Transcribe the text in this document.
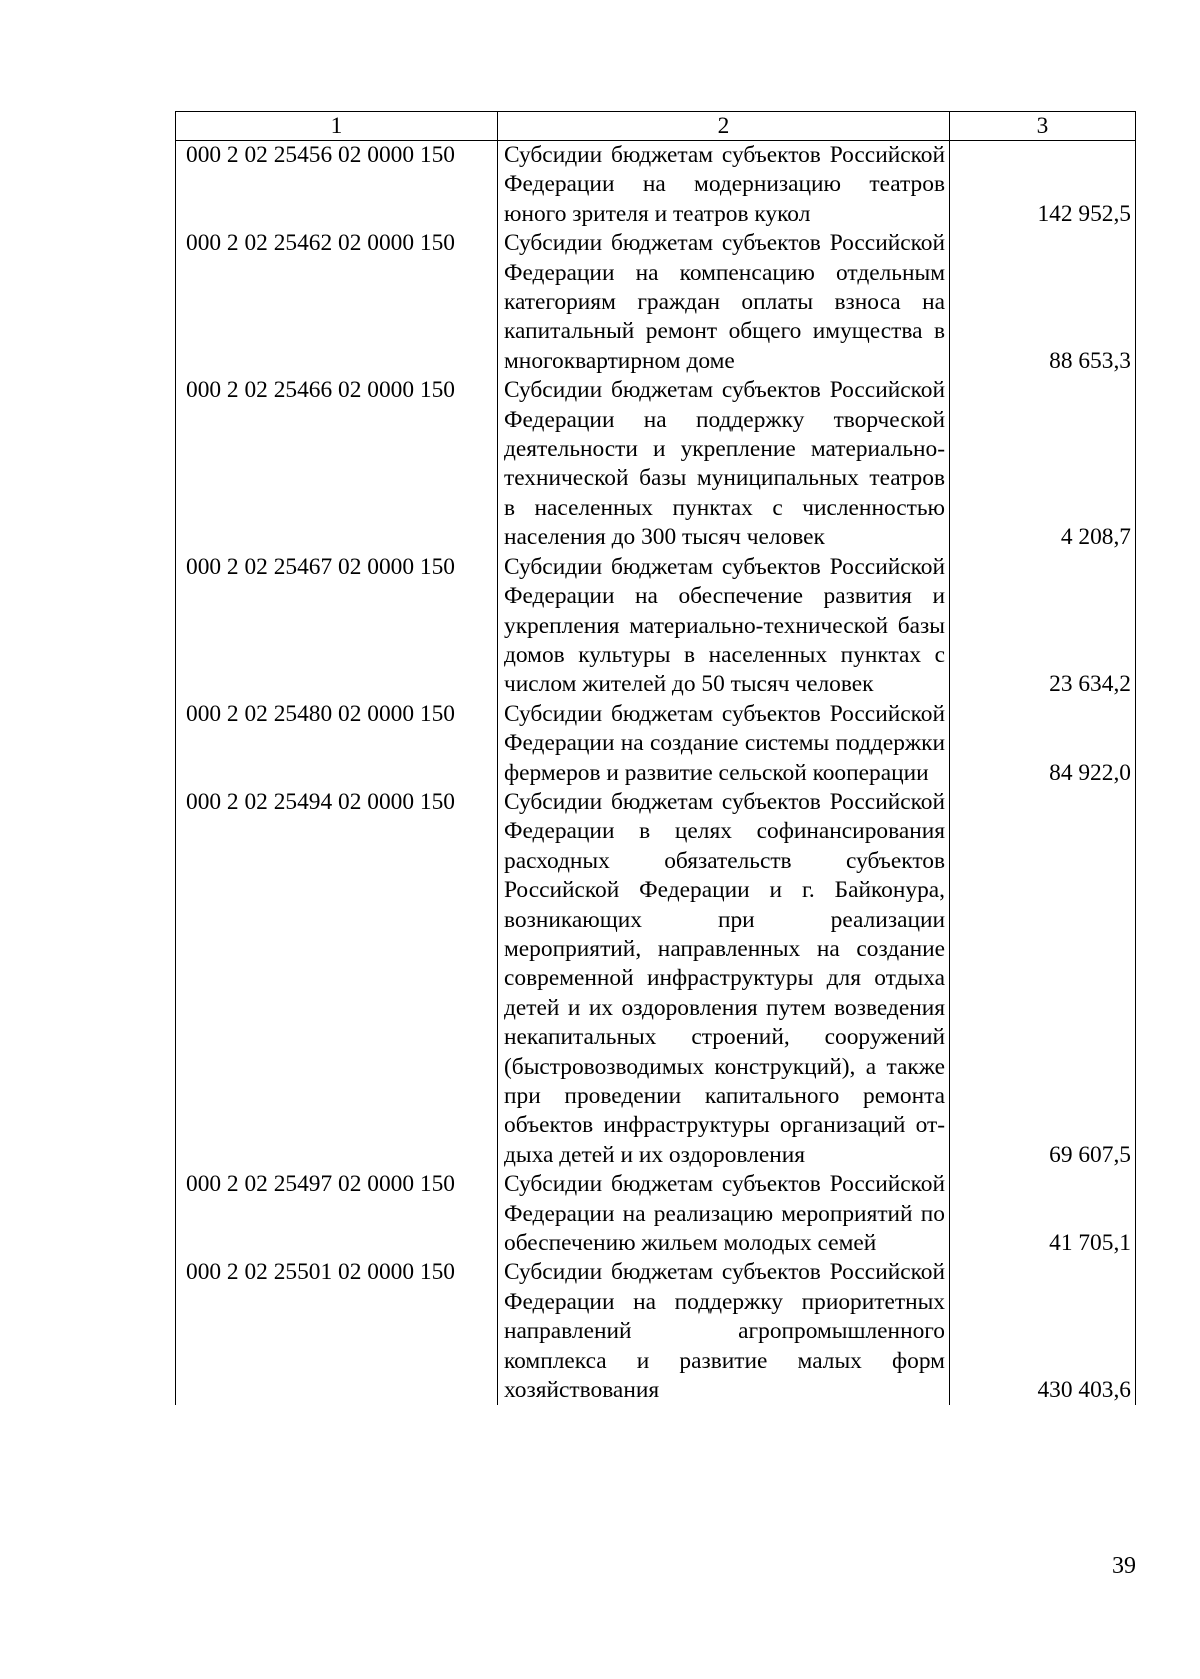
1	2	3
000 2 02 25456 02 0000 150	Субсидии бюджетам субъектов Российской Федерации на модернизацию театров юного зрителя и театров кукол	142 952,5
000 2 02 25462 02 0000 150	Субсидии бюджетам субъектов Российской Федерации на компенсацию отдельным категориям граждан оплаты взноса на капитальный ремонт общего имущества в многоквартирном доме	88 653,3
000 2 02 25466 02 0000 150	Субсидии бюджетам субъектов Российской Федерации на поддержку творческой деятельности и укрепление материально-технической базы муниципальных театров в населенных пунктах с численностью населения до 300 тысяч человек	4 208,7
000 2 02 25467 02 0000 150	Субсидии бюджетам субъектов Российской Федерации на обеспечение развития и укрепления материально-технической базы домов культуры в населенных пунктах с числом жителей до 50 тысяч человек	23 634,2
000 2 02 25480 02 0000 150	Субсидии бюджетам субъектов Российской Федерации на создание системы поддержки фермеров и развитие сельской кооперации	84 922,0
000 2 02 25494 02 0000 150	Субсидии бюджетам субъектов Российской Федерации в целях софинансирования расходных обязательств субъектов Российской Федерации и г. Байконура, возникающих при реализации мероприятий, направленных на создание современной инфраструктуры для отдыха детей и их оздоровления путем возведения некапитальных строений, сооружений (быстровозводимых конструкций), а также при проведении капитального ремонта объектов инфраструктуры организаций отдыха детей и их оздоровления	69 607,5
000 2 02 25497 02 0000 150	Субсидии бюджетам субъектов Российской Федерации на реализацию мероприятий по обеспечению жильем молодых семей	41 705,1
000 2 02 25501 02 0000 150	Субсидии бюджетам субъектов Российской Федерации на поддержку приоритетных направлений агропромышленного комплекса и развитие малых форм хозяйствования	430 403,6
39
